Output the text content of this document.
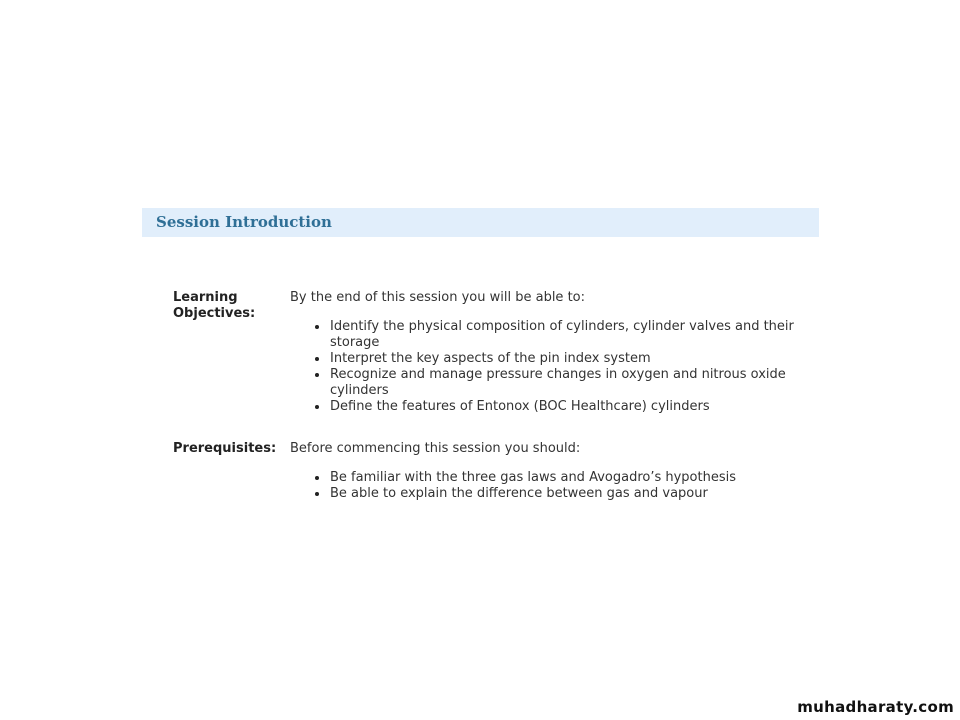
Session Introduction
Learning Objectives:

By the end of this session you will be able to:

Identify the physical composition of cylinders, cylinder valves and their storage
Interpret the key aspects of the pin index system
Recognize and manage pressure changes in oxygen and nitrous oxide cylinders
Define the features of Entonox (BOC Healthcare) cylinders
Prerequisites:	Before commencing this session you should:

Be familiar with the three gas laws and Avogadro’s hypothesis
Be able to explain the difference between gas and vapour
muhadharaty.com
